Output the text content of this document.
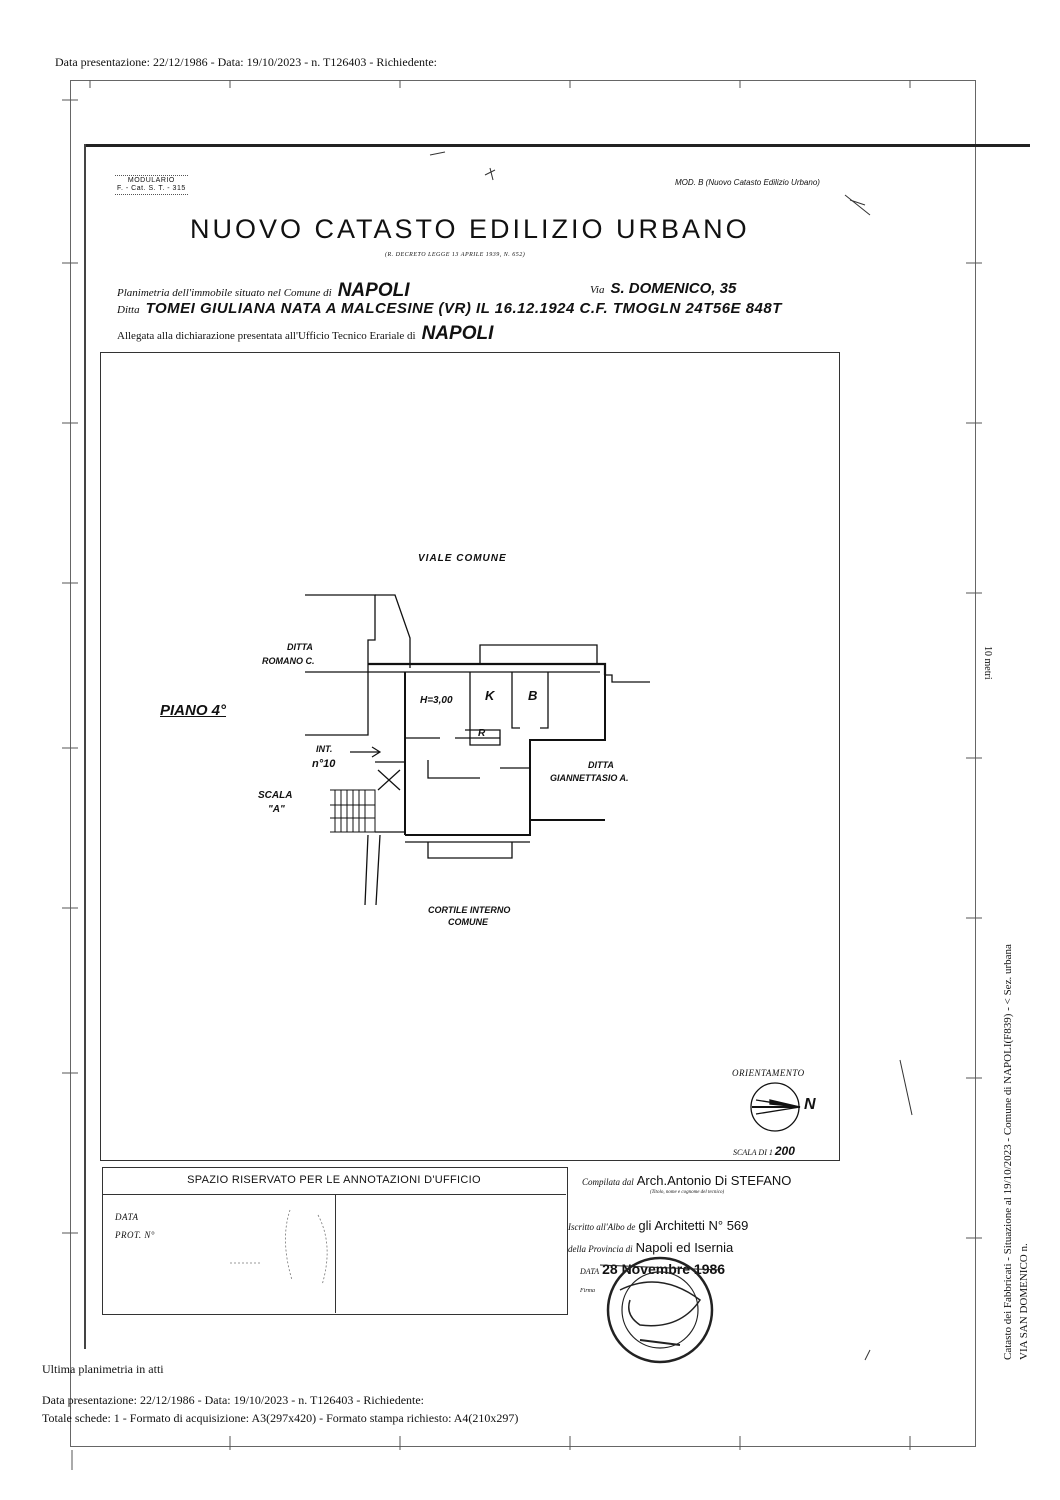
Data presentazione: 22/12/1986 - Data: 19/10/2023 - n. T126403 - Richiedente:
MODULARIO
F. - Cat. S. T. - 315
MOD. B (Nuovo Catasto Edilizio Urbano)
NUOVO CATASTO EDILIZIO URBANO
(R. DECRETO LEGGE 13 APRILE 1939, N. 652)
Planimetria dell'immobile situato nel Comune di NAPOLI	Via S. DOMENICO, 35
Ditta TOMEI GIULIANA NATA A MALCESINE (VR) IL 16.12.1924 C.F. TMOGLN 24T56E 848T
Allegata alla dichiarazione presentata all'Ufficio Tecnico Erariale di NAPOLI
VIALE COMUNE
DITTA
ROMANO C.
PIANO 4°
H=3,00 K	B
R
INT.
n°10
SCALA
"A"
DITTA
GIANNETTASIO A.
CORTILE INTERNO
COMUNE
ORIENTAMENTO
N
SCALA DI 1 200
SPAZIO RISERVATO PER LE ANNOTAZIONI D'UFFICIO
DATA
PROT. N°
Compilata dal Arch.Antonio Di STEFANO
(Titolo, nome e cognome del tecnico)
Iscritto all'Albo de gli Architetti N° 569
della Provincia di Napoli ed Isernia
DATA 28 Novembre 1986
Firma
Ultima planimetria in atti
Data presentazione: 22/12/1986 - Data: 19/10/2023 - n. T126403 - Richiedente:
Totale schede: 1 - Formato di acquisizione: A3(297x420) - Formato stampa richiesto: A4(210x297)
Catasto dei Fabbricati - Situazione al 19/10/2023 - Comune di NAPOLI(F839) - < Sez. urbana VIA SAN DOMENICO n.
10 metri
